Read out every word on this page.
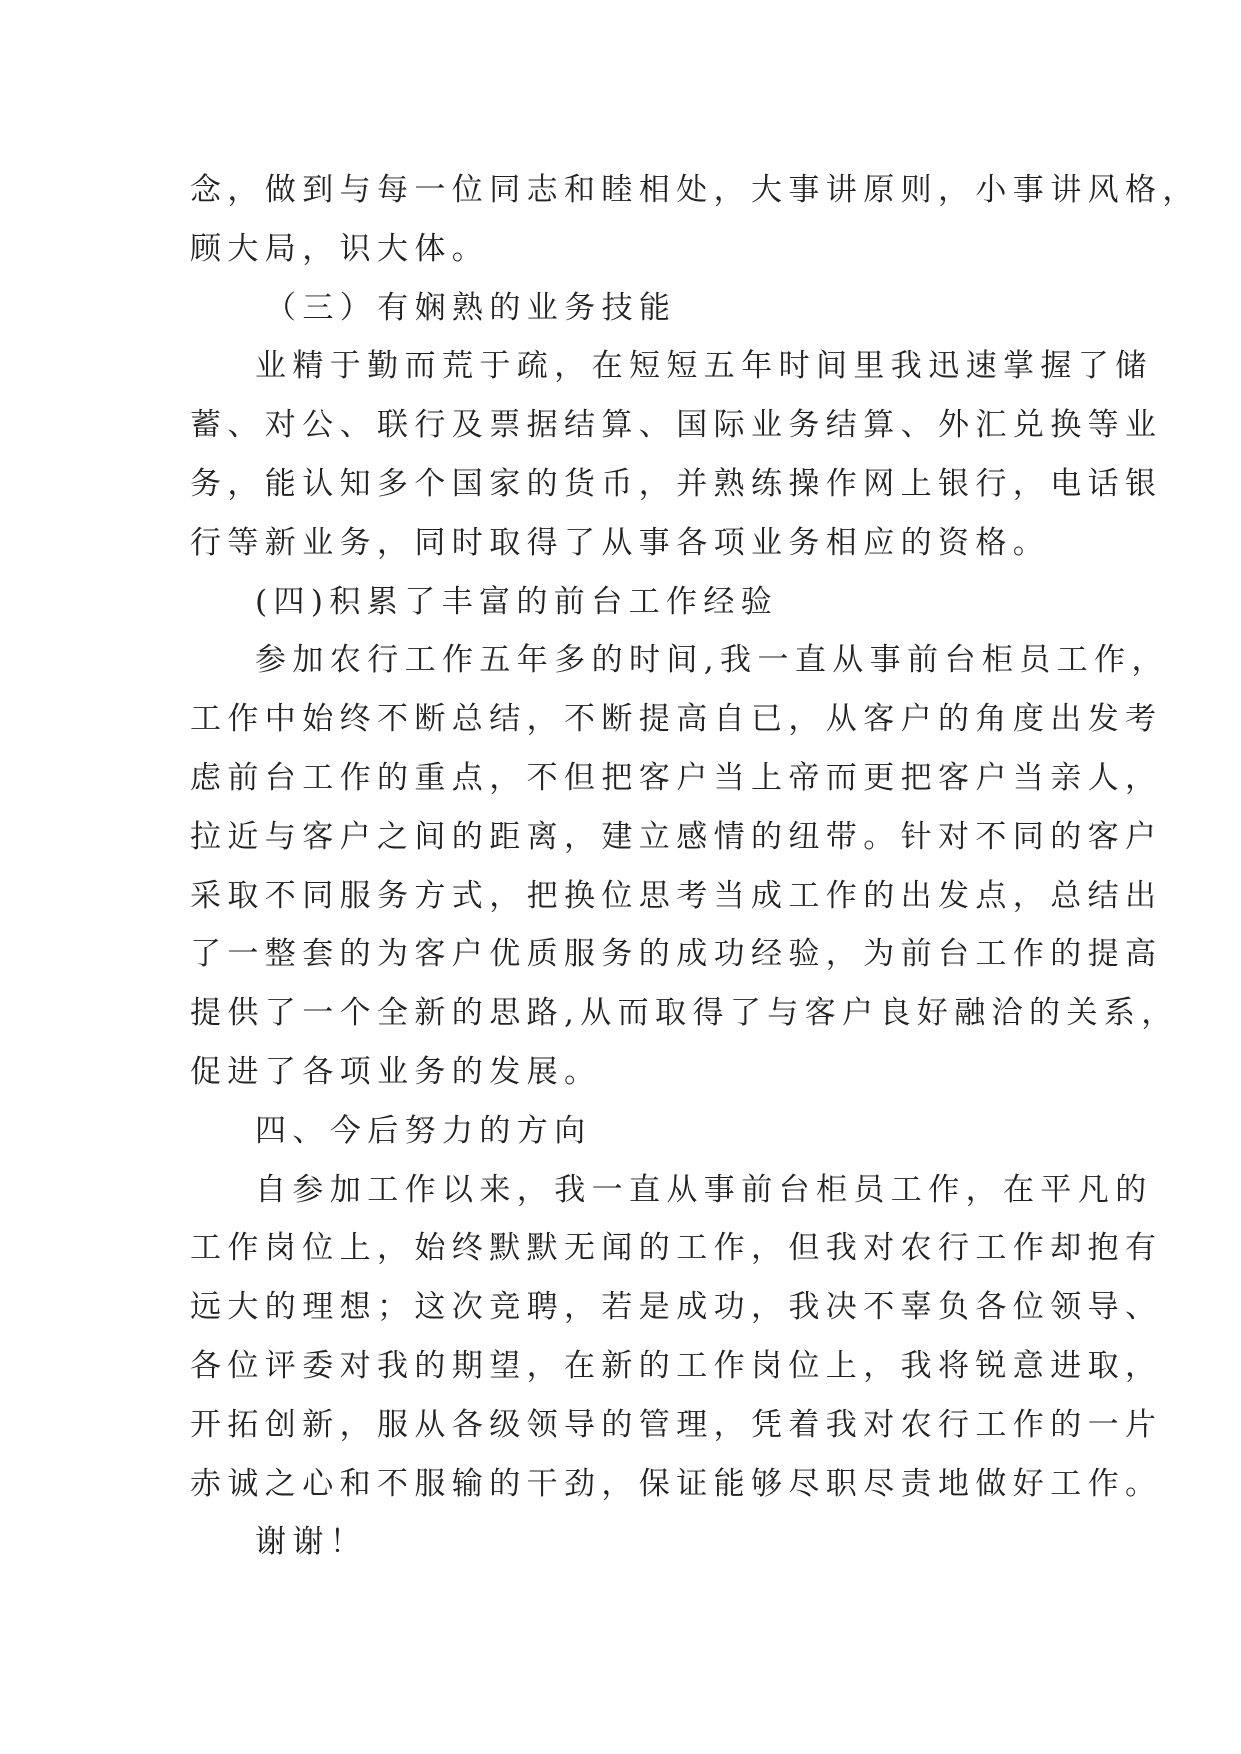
念，做到与每一位同志和睦相处，大事讲原则，小事讲风格，
顾大局，识大体。
（三）有娴熟的业务技能
业精于勤而荒于疏，在短短五年时间里我迅速掌握了储
蓄、对公、联行及票据结算、国际业务结算、外汇兑换等业
务，能认知多个国家的货币，并熟练操作网上银行，电话银
行等新业务，同时取得了从事各项业务相应的资格。
(四)积累了丰富的前台工作经验
参加农行工作五年多的时间,我一直从事前台柜员工作，
工作中始终不断总结，不断提高自已，从客户的角度出发考
虑前台工作的重点，不但把客户当上帝而更把客户当亲人，
拉近与客户之间的距离，建立感情的纽带。针对不同的客户
采取不同服务方式，把换位思考当成工作的出发点，总结出
了一整套的为客户优质服务的成功经验，为前台工作的提高
提供了一个全新的思路,从而取得了与客户良好融洽的关系，
促进了各项业务的发展。
四、今后努力的方向
自参加工作以来，我一直从事前台柜员工作，在平凡的
工作岗位上，始终默默无闻的工作，但我对农行工作却抱有
远大的理想；这次竞聘，若是成功，我决不辜负各位领导、
各位评委对我的期望，在新的工作岗位上，我将锐意进取，
开拓创新，服从各级领导的管理，凭着我对农行工作的一片
赤诚之心和不服输的干劲，保证能够尽职尽责地做好工作。
谢谢！
